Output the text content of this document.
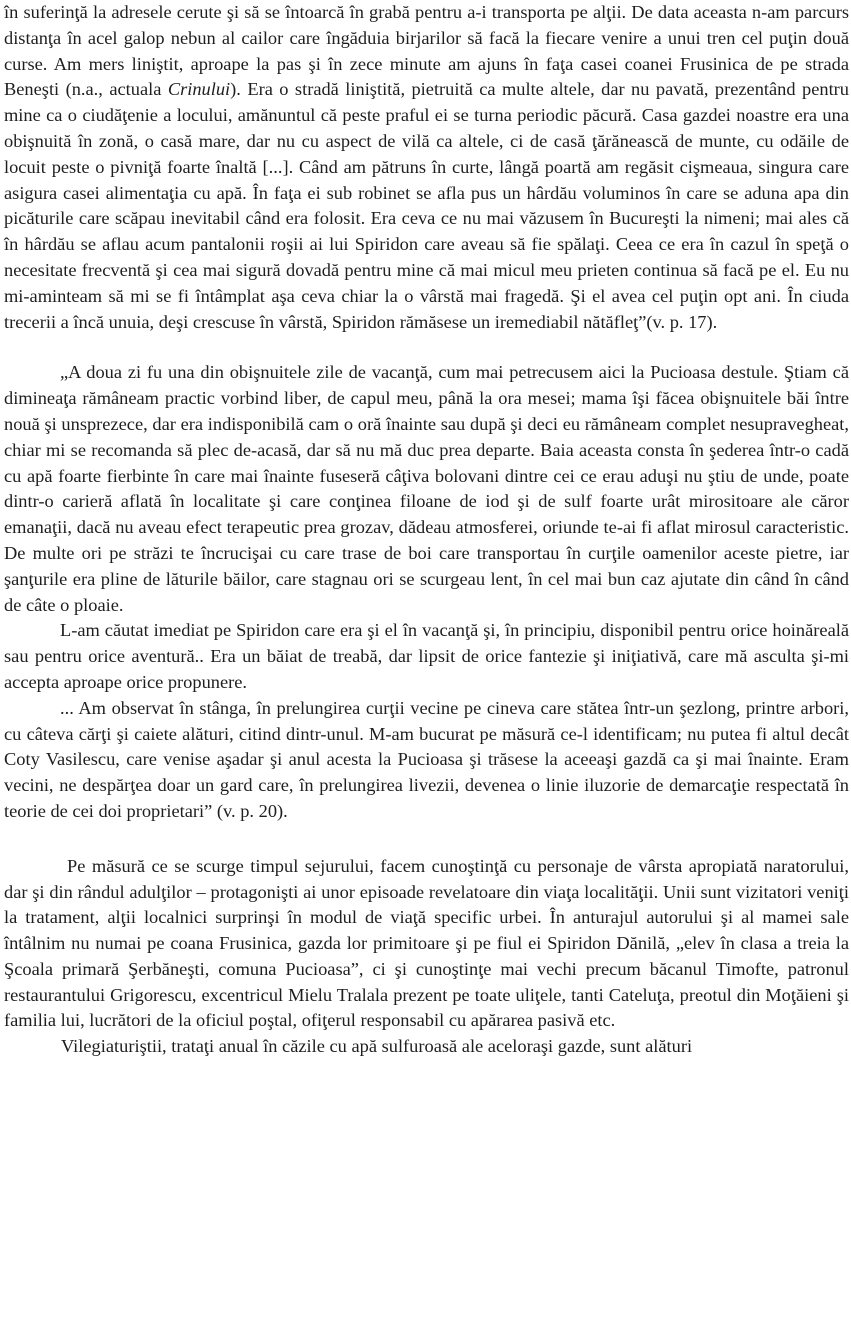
în suferinţă la adresele cerute şi să se întoarcă în grabă pentru a-i transporta pe alţii. De data aceasta n-am parcurs distanţa în acel galop nebun al cailor care îngăduia birjarilor să facă la fiecare venire a unui tren cel puţin două curse. Am mers liniştit, aproape la pas şi în zece minute am ajuns în faţa casei coanei Frusinica de pe strada Beneşti (n.a., actuala Crinului). Era o stradă liniştită, pietruită ca multe altele, dar nu pavată, prezentând pentru mine ca o ciudăţenie a locului, amănuntul că peste praful ei se turna periodic păcură. Casa gazdei noastre era una obişnuită în zonă, o casă mare, dar nu cu aspect de vilă ca altele, ci de casă ţărănească de munte, cu odăile de locuit peste o pivniţă foarte înaltă [...]. Când am pătruns în curte, lângă poartă am regăsit cişmeaua, singura care asigura casei alimentaţia cu apă. În faţa ei sub robinet se afla pus un hârdău voluminos în care se aduna apa din picăturile care scăpau inevitabil când era folosit. Era ceva ce nu mai văzusem în Bucureşti la nimeni; mai ales că în hârdău se aflau acum pantalonii roşii ai lui Spiridon care aveau să fie spălaţi. Ceea ce era în cazul în speţă o necesitate frecventă şi cea mai sigură dovadă pentru mine că mai micul meu prieten continua să facă pe el. Eu nu mi-aminteam să mi se fi întâmplat aşa ceva chiar la o vârstă mai fragedă. Şi el avea cel puţin opt ani. În ciuda trecerii a încă unuia, deşi crescuse în vârstă, Spiridon rămăsese un iremediabil nătăfleţ”(v. p. 17).

„A doua zi fu una din obişnuitele zile de vacanţă, cum mai petrecusem aici la Pucioasa destule. Ştiam că dimineaţa rămâneam practic vorbind liber, de capul meu, până la ora mesei; mama îşi făcea obişnuitele băi între nouă şi unsprezece, dar era indisponibilă cam o oră înainte sau după şi deci eu rămâneam complet nesupravegheat, chiar mi se recomanda să plec de-acasă, dar să nu mă duc prea departe. Baia aceasta consta în şederea într-o cadă cu apă foarte fierbinte în care mai înainte fuseseră câţiva bolovani dintre cei ce erau aduşi nu ştiu de unde, poate dintr-o carieră aflată în localitate şi care conţinea filoane de iod şi de sulf foarte urât mirositoare ale căror emanaţii, dacă nu aveau efect terapeutic prea grozav, dădeau atmosferei, oriunde te-ai fi aflat mirosul caracteristic. De multe ori pe străzi te încrucişai cu care trase de boi care transportau în curţile oamenilor aceste pietre, iar şanţurile era pline de lăturile băilor, care stagnau ori se scurgeau lent, în cel mai bun caz ajutate din când în când de câte o ploaie.

L-am căutat imediat pe Spiridon care era şi el în vacanţă şi, în principiu, disponibil pentru orice hoinăreală sau pentru orice aventură.. Era un băiat de treabă, dar lipsit de orice fantezie şi iniţiativă, care mă asculta şi-mi accepta aproape orice propunere.

... Am observat în stânga, în prelungirea curţii vecine pe cineva care stătea într-un şezlong, printre arbori, cu câteva cărţi şi caiete alături, citind dintr-unul. M-am bucurat pe măsură ce-l identificam; nu putea fi altul decât Coty Vasilescu, care venise aşadar şi anul acesta la Pucioasa şi trăsese la aceeaşi gazdă ca şi mai înainte. Eram vecini, ne despărţea doar un gard care, în prelungirea livezii, devenea o linie iluzorie de demarcaţie respectată în teorie de cei doi proprietari” (v. p. 20).

Pe măsură ce se scurge timpul sejurului, facem cunoştinţă cu personaje de vârsta apropiată naratorului, dar şi din rândul adulţilor – protagonişti ai unor episoade revelatoare din viaţa localităţii. Unii sunt vizitatori veniţi la tratament, alţii localnici surprinşi în modul de viaţă specific urbei. În anturajul autorului şi al mamei sale întâlnim nu numai pe coana Frusinica, gazda lor primitoare şi pe fiul ei Spiridon Dănilă, „elev în clasa a treia la Şcoala primară Şerbăneşti, comuna Pucioasa”, ci şi cunoştinţe mai vechi precum băcanul Timofte, patronul restaurantului Grigorescu, excentricul Mielu Tralala prezent pe toate uliţele, tanti Cateluţa, preotul din Moţăieni şi familia lui, lucrători de la oficiul poştal, ofiţerul responsabil cu apărarea pasivă etc.

Vilegiaturiştii, trataţi anual în căzile cu apă sulfuroasă ale aceloraşi gazde, sunt alături
